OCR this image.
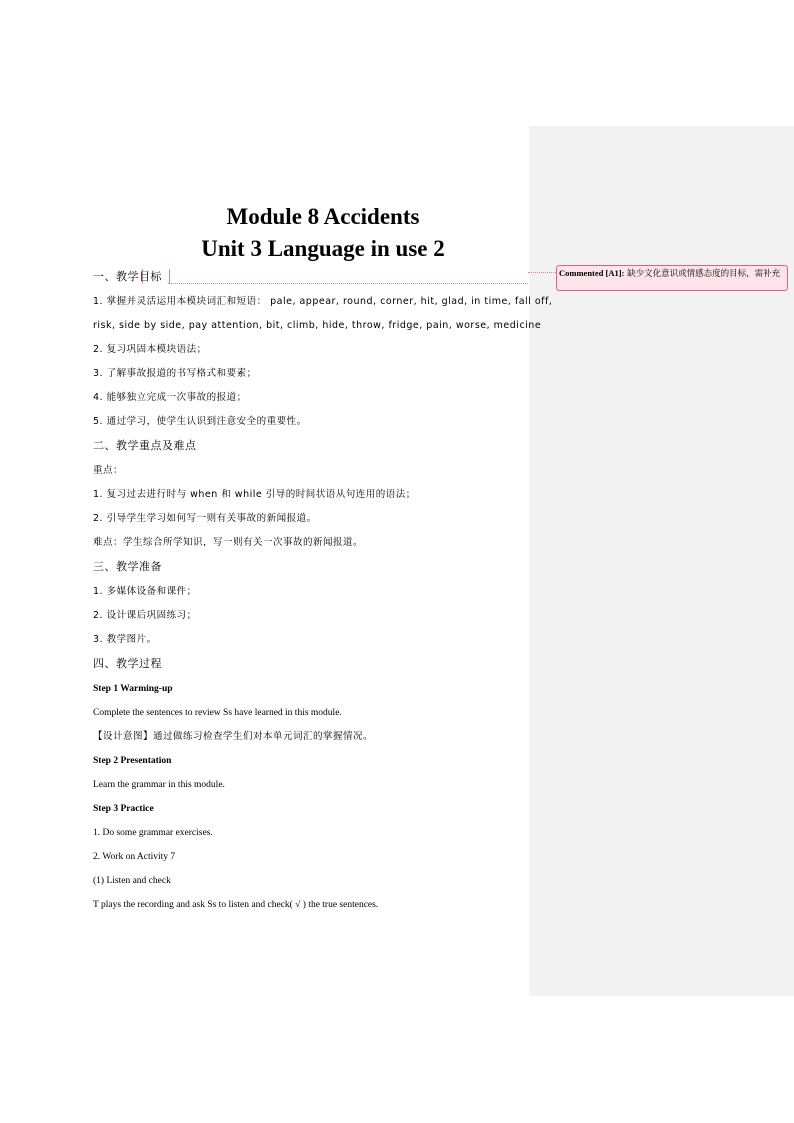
Commented [A1]: 缺少文化意识或情感态度的目标，需补充
Module 8 Accidents
Unit 3 Language in use 2
一、教学目标
1. 掌握并灵活运用本模块词汇和短语： pale, appear, round, corner, hit, glad, in time, fall off,
risk, side by side, pay attention, bit, climb, hide, throw, fridge, pain, worse, medicine
2. 复习巩固本模块语法；
3. 了解事故报道的书写格式和要素；
4. 能够独立完成一次事故的报道；
5. 通过学习，使学生认识到注意安全的重要性。
二、教学重点及难点
重点：
1. 复习过去进行时与 when 和 while 引导的时间状语从句连用的语法；
2. 引导学生学习如何写一则有关事故的新闻报道。
难点：学生综合所学知识，写一则有关一次事故的新闻报道。
三、教学准备
1. 多媒体设备和课件；
2. 设计课后巩固练习；
3. 教学图片。
四、教学过程
Step 1 Warming-up
Complete the sentences to review Ss have learned in this module.
【设计意图】通过做练习检查学生们对本单元词汇的掌握情况。
Step 2 Presentation
Learn the grammar in this module.
Step 3 Practice
1. Do some grammar exercises.
2. Work on Activity 7
(1) Listen and check
T plays the recording and ask Ss to listen and check( √ ) the true sentences.
